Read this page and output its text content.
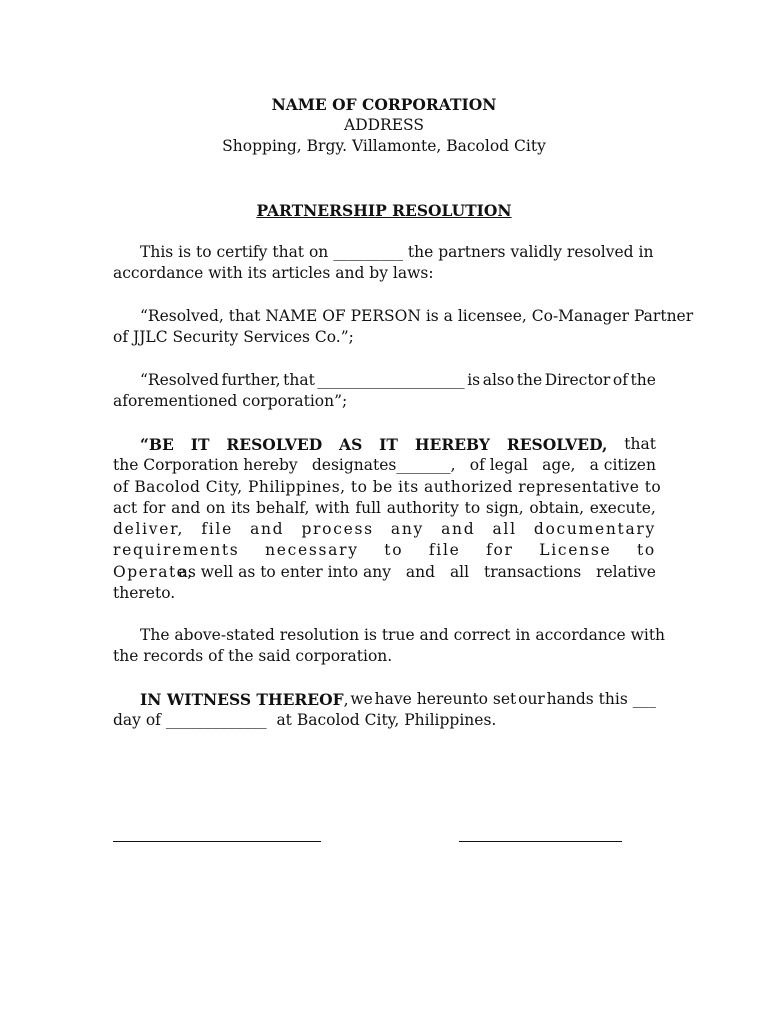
NAME OF CORPORATION
ADDRESS
Shopping, Brgy. Villamonte, Bacolod City
PARTNERSHIP RESOLUTION
This is to certify that on _________ the partners validly resolved in
accordance with its articles and by laws:
“Resolved, that NAME OF PERSON is a licensee, Co-Manager Partner
of JJLC Security Services Co.”;
“Resolved further, that ___________________ is also the Director of the
aforementioned corporation”;
“BE IT RESOLVED AS IT HEREBY RESOLVED, that
the Corporation hereby designates_______, of legal age, a citizen
of Bacolod City, Philippines, to be its authorized representative to
act for and on its behalf, with full authority to sign, obtain, execute,
deliver, file and process any and all documentary
requirements necessary to file for License to
Operate,
as well as to enter into any and all transactions relative
thereto.
The above-stated resolution is true and correct in accordance with
the records of the said corporation.
IN WITNESS THEREOF, we have hereunto set our hands this ___
day of _____________  at Bacolod City, Philippines.
